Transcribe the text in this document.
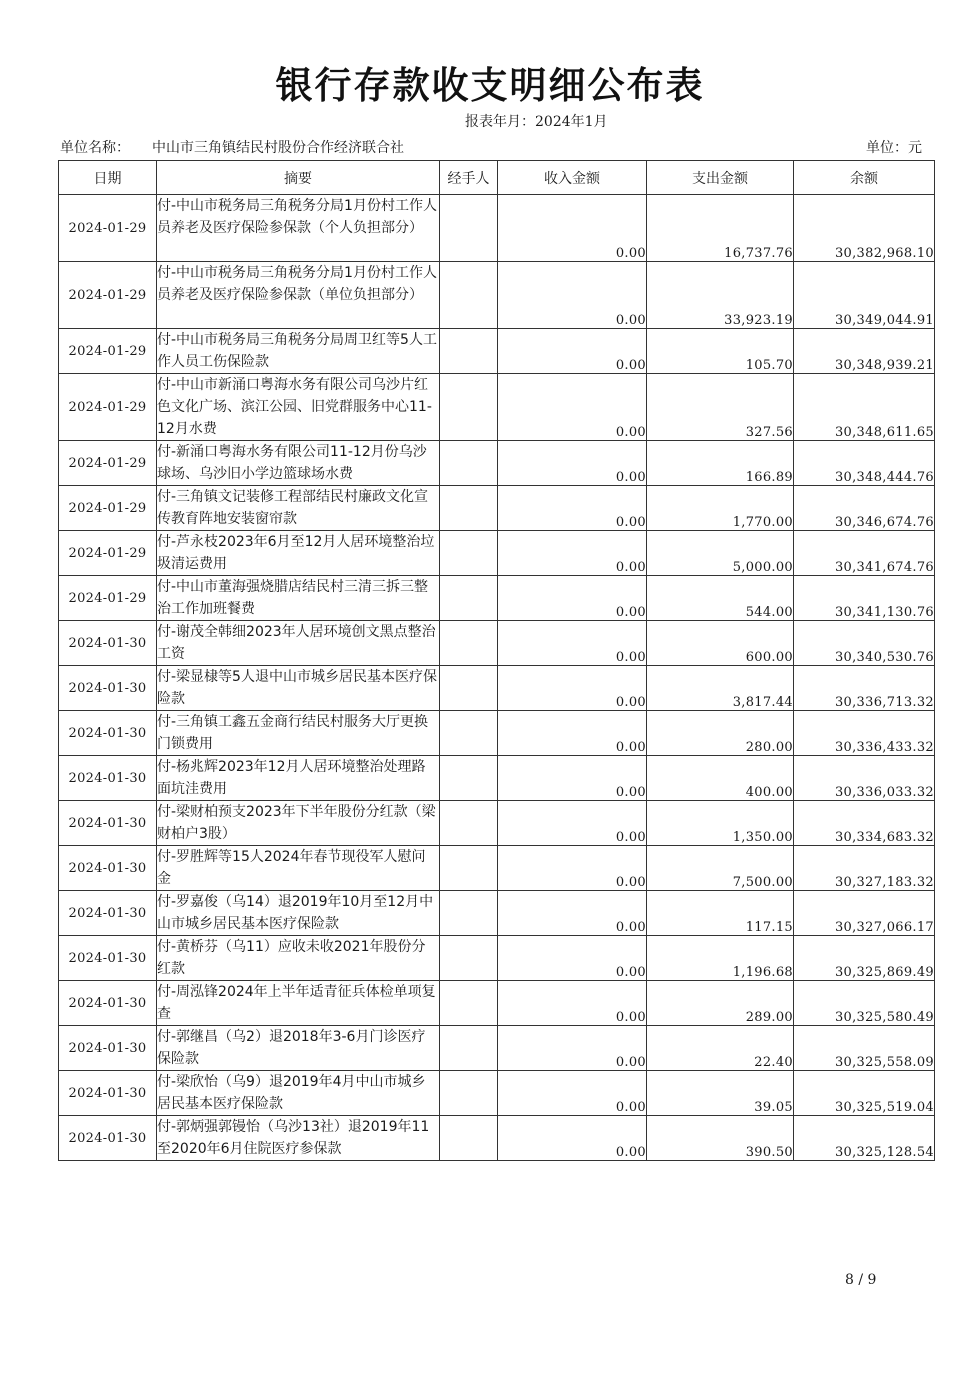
银行存款收支明细公布表
报表年月：2024年1月
单位名称： 中山市三角镇结民村股份合作经济联合社	单位：元
日期	摘要	经手人	收入金额	支出金额	余额
2024-01-29	付-中山市税务局三角税务分局1月份村工作人员养老及医疗保险参保款（个人负担部分）		0.00	16,737.76	30,382,968.10
2024-01-29	付-中山市税务局三角税务分局1月份村工作人员养老及医疗保险参保款（单位负担部分）		0.00	33,923.19	30,349,044.91
2024-01-29	付-中山市税务局三角税务分局周卫红等5人工作人员工伤保险款		0.00	105.70	30,348,939.21
2024-01-29	付-中山市新涌口粤海水务有限公司乌沙片红色文化广场、滨江公园、旧党群服务中心11-12月水费		0.00	327.56	30,348,611.65
2024-01-29	付-新涌口粤海水务有限公司11-12月份乌沙球场、乌沙旧小学边篮球场水费		0.00	166.89	30,348,444.76
2024-01-29	付-三角镇文记装修工程部结民村廉政文化宣传教育阵地安装窗帘款		0.00	1,770.00	30,346,674.76
2024-01-29	付-芦永枝2023年6月至12月人居环境整治垃圾清运费用		0.00	5,000.00	30,341,674.76
2024-01-29	付-中山市董海强烧腊店结民村三清三拆三整治工作加班餐费		0.00	544.00	30,341,130.76
2024-01-30	付-谢茂全韩细2023年人居环境创文黑点整治工资		0.00	600.00	30,340,530.76
2024-01-30	付-梁显棣等5人退中山市城乡居民基本医疗保险款		0.00	3,817.44	30,336,713.32
2024-01-30	付-三角镇工鑫五金商行结民村服务大厅更换门锁费用		0.00	280.00	30,336,433.32
2024-01-30	付-杨兆辉2023年12月人居环境整治处理路面坑洼费用		0.00	400.00	30,336,033.32
2024-01-30	付-梁财柏预支2023年下半年股份分红款（梁财柏户3股）		0.00	1,350.00	30,334,683.32
2024-01-30	付-罗胜辉等15人2024年春节现役军人慰问金		0.00	7,500.00	30,327,183.32
2024-01-30	付-罗嘉俊（乌14）退2019年10月至12月中山市城乡居民基本医疗保险款		0.00	117.15	30,327,066.17
2024-01-30	付-黄桥芬（乌11）应收未收2021年股份分红款		0.00	1,196.68	30,325,869.49
2024-01-30	付-周泓锋2024年上半年适青征兵体检单项复查		0.00	289.00	30,325,580.49
2024-01-30	付-郭继昌（乌2）退2018年3-6月门诊医疗保险款		0.00	22.40	30,325,558.09
2024-01-30	付-梁欣怡（乌9）退2019年4月中山市城乡居民基本医疗保险款		0.00	39.05	30,325,519.04
2024-01-30	付-郭炳强郭镘怡（乌沙13社）退2019年11至2020年6月住院医疗参保款		0.00	390.50	30,325,128.54
8 / 9
